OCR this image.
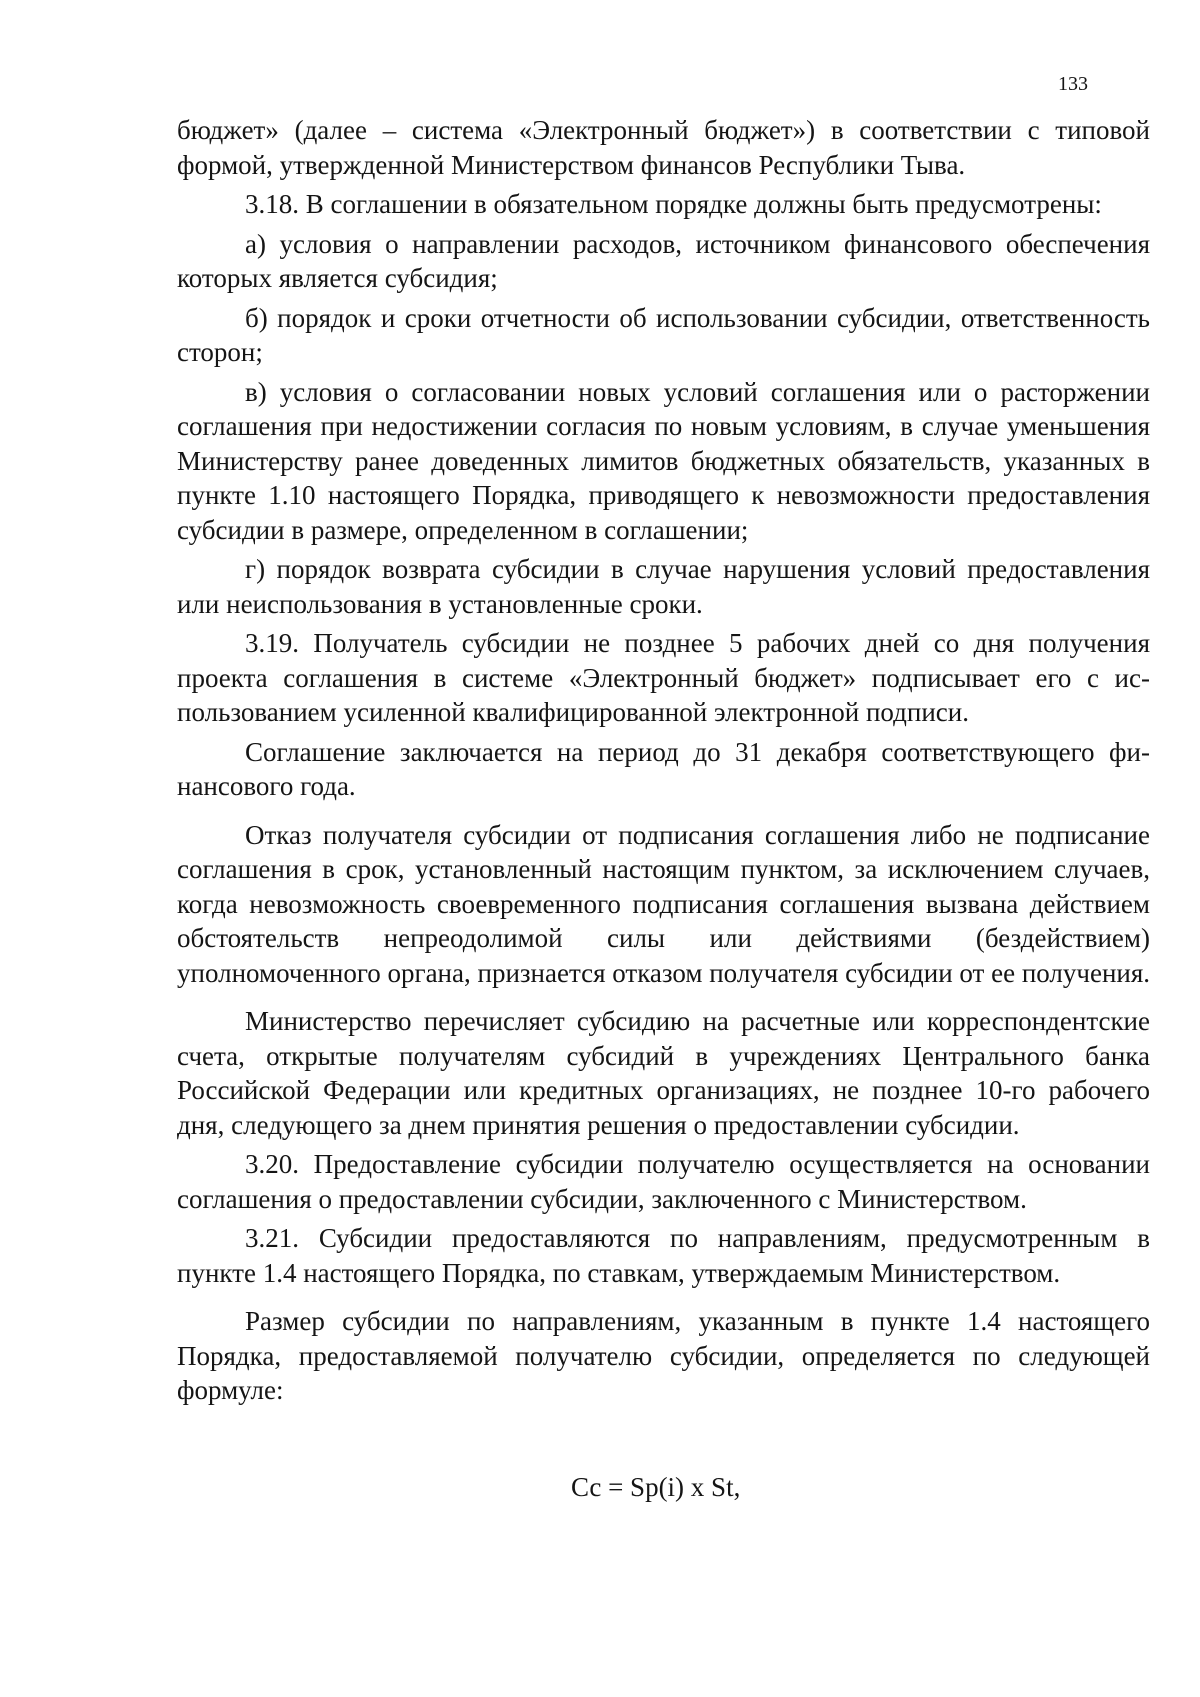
133

бюджет» (далее – система «Электронный бюджет») в соответствии с типовой формой, утвержденной Министерством финансов Республики Тыва.

3.18. В соглашении в обязательном порядке должны быть предусмотрены:

а) условия о направлении расходов, источником финансового обеспечения которых является субсидия;

б) порядок и сроки отчетности об использовании субсидии, ответственность сторон;

в) условия о согласовании новых условий соглашения или о расторжении соглашения при недостижении согласия по новым условиям, в случае уменьшения Министерству ранее доведенных лимитов бюджетных обязательств, указанных в пункте 1.10 настоящего Порядка, приводящего к невозможности предоставления субсидии в размере, определенном в соглашении;

г) порядок возврата субсидии в случае нарушения условий предоставления или неиспользования в установленные сроки.

3.19. Получатель субсидии не позднее 5 рабочих дней со дня получения проекта соглашения в системе «Электронный бюджет» подписывает его с использованием усиленной квалифицированной электронной подписи.

Соглашение заключается на период до 31 декабря соответствующего финансового года.

Отказ получателя субсидии от подписания соглашения либо не подписание соглашения в срок, установленный настоящим пунктом, за исключением случаев, когда невозможность своевременного подписания соглашения вызвана действием обстоятельств непреодолимой силы или действиями (бездействием) уполномоченного органа, признается отказом получателя субсидии от ее получения.

Министерство перечисляет субсидию на расчетные или корреспондентские счета, открытые получателям субсидий в учреждениях Центрального банка Российской Федерации или кредитных организациях, не позднее 10-го рабочего дня, следующего за днем принятия решения о предоставлении субсидии.

3.20. Предоставление субсидии получателю осуществляется на основании соглашения о предоставлении субсидии, заключенного с Министерством.

3.21. Субсидии предоставляются по направлениям, предусмотренным в пункте 1.4 настоящего Порядка, по ставкам, утверждаемым Министерством.

Размер субсидии по направлениям, указанным в пункте 1.4 настоящего Порядка, предоставляемой получателю субсидии, определяется по следующей формуле:

Сс = Sp(i) x St,
